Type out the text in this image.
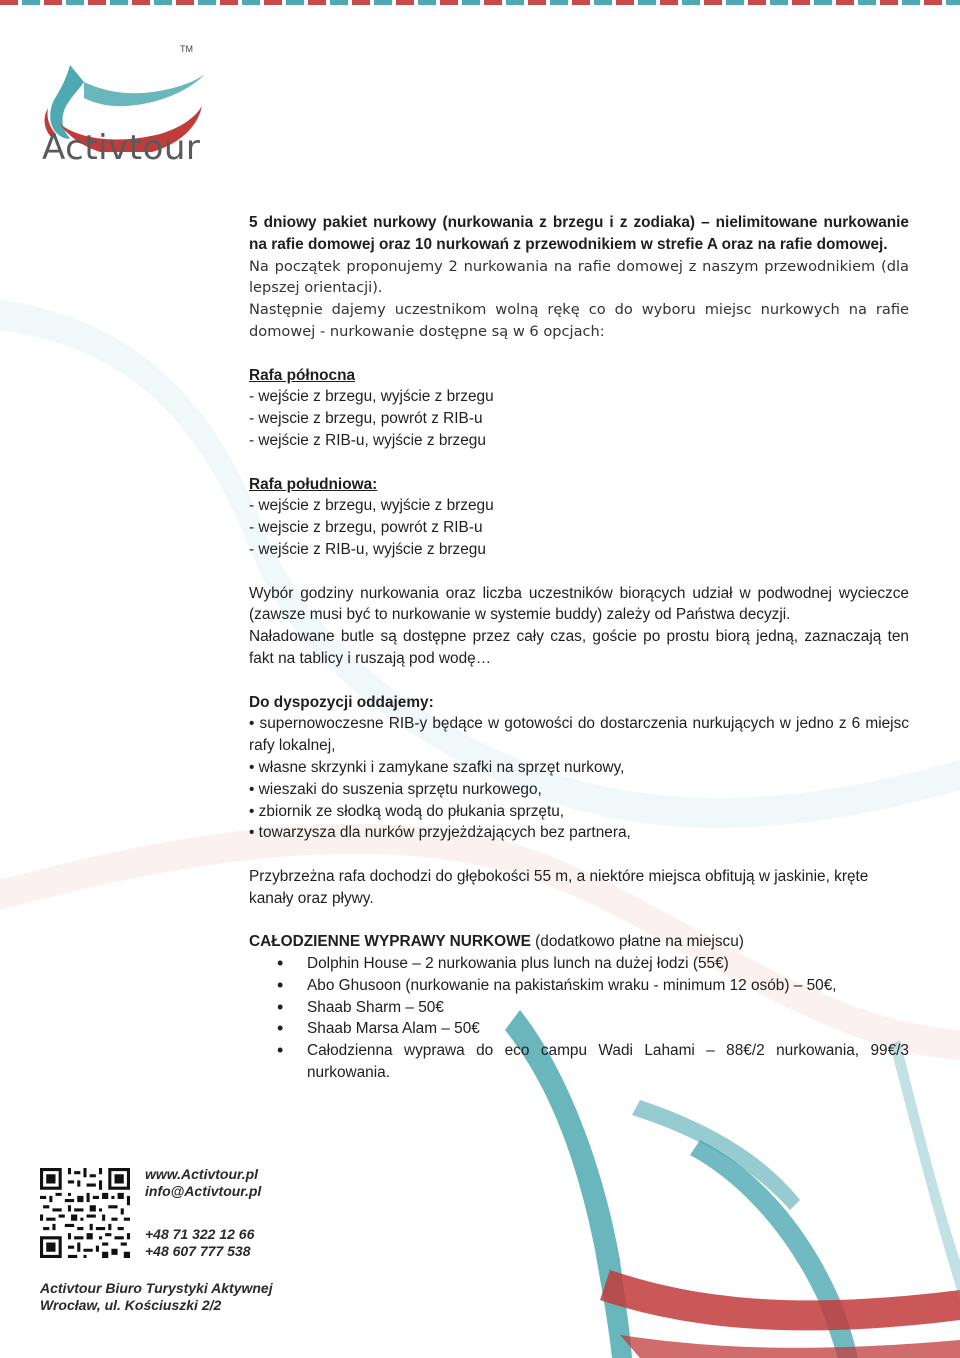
TM
Activtour

5 dniowy pakiet nurkowy (nurkowania z brzegu i z zodiaka) – nielimitowane nurkowanie na rafie domowej oraz 10 nurkowań z przewodnikiem w strefie A oraz na rafie domowej.

Na początek proponujemy 2 nurkowania na rafie domowej z naszym przewodnikiem (dla lepszej orientacji).

Następnie dajemy uczestnikom wolną rękę co do wyboru miejsc nurkowych na rafie domowej - nurkowanie dostępne są w 6 opcjach:

Rafa północna

- wejście z brzegu, wyjście z brzegu

- wejscie z brzegu, powrót z RIB-u

- wejście z RIB-u, wyjście z brzegu

Rafa południowa:

- wejście z brzegu, wyjście z brzegu

- wejscie z brzegu, powrót z RIB-u

- wejście z RIB-u, wyjście z brzegu

Wybór godziny nurkowania oraz liczba uczestników biorących udział w podwodnej wycieczce (zawsze musi być to nurkowanie w systemie buddy) zależy od Państwa decyzji.

Naładowane butle są dostępne przez cały czas, goście po prostu biorą jedną, zaznaczają ten fakt na tablicy i ruszają pod wodę…

Do dyspozycji oddajemy:

• supernowoczesne RIB-y będące w gotowości do dostarczenia nurkujących w jedno z 6 miejsc rafy lokalnej,

• własne skrzynki i zamykane szafki na sprzęt nurkowy,

• wieszaki do suszenia sprzętu nurkowego,

• zbiornik ze słodką wodą do płukania sprzętu,

• towarzysza dla nurków przyjeżdżających bez partnera,

Przybrzeżna rafa dochodzi do głębokości 55 m, a niektóre miejsca obfitują w jaskinie, kręte kanały oraz pływy.

CAŁODZIENNE WYPRAWY NURKOWE (dodatkowo płatne na miejscu)

• Dolphin House – 2 nurkowania plus lunch na dużej łodzi (55€)
• Abo Ghusoon (nurkowanie na pakistańskim wraku - minimum 12 osób) – 50€,
• Shaab Sharm – 50€
• Shaab Marsa Alam – 50€
• Całodzienna wyprawa do eco campu Wadi Lahami – 88€/2 nurkowania, 99€/3 nurkowania.
www.Activtour.pl
info@Activtour.pl
+48 71 322 12 66
+48 607 777 538
Activtour Biuro Turystyki Aktywnej
Wrocław, ul. Kościuszki 2/2
